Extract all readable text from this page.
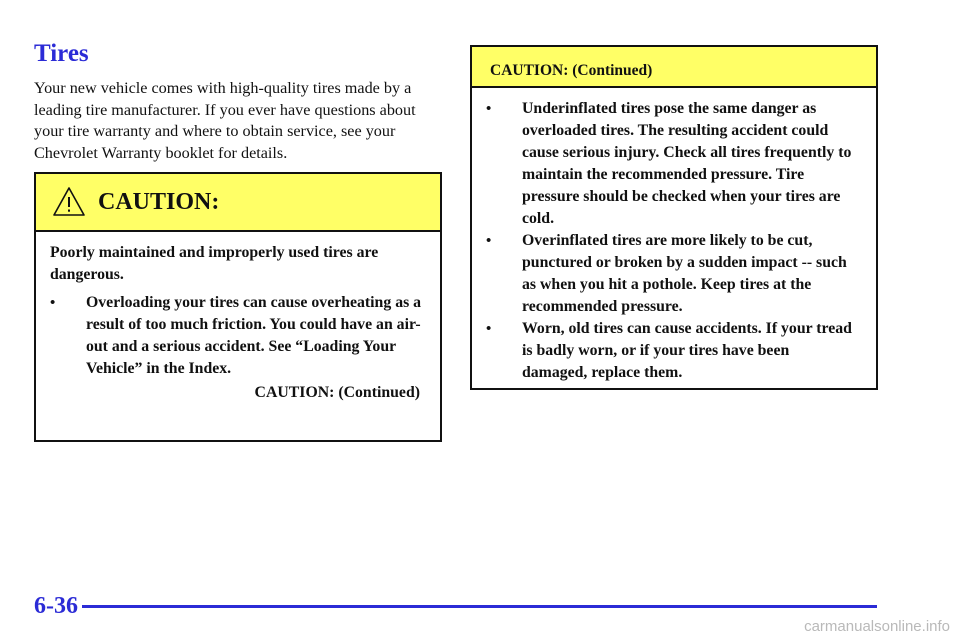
Tires

Your new vehicle comes with high-quality tires made by a leading tire manufacturer. If you ever have questions about your tire warranty and where to obtain service, see your Chevrolet Warranty booklet for details.

CAUTION:

Poorly maintained and improperly used tires are dangerous.

• Overloading your tires can cause overheating as a result of too much friction. You could have an air-out and a serious accident. See “Loading Your Vehicle” in the Index.

CAUTION: (Continued)

CAUTION: (Continued)
• Underinflated tires pose the same danger as overloaded tires. The resulting accident could cause serious injury. Check all tires frequently to maintain the recommended pressure. Tire pressure should be checked when your tires are cold.
• Overinflated tires are more likely to be cut, punctured or broken by a sudden impact -- such as when you hit a pothole. Keep tires at the recommended pressure.
• Worn, old tires can cause accidents. If your tread is badly worn, or if your tires have been damaged, replace them.
6-36
carmanualsonline.info
